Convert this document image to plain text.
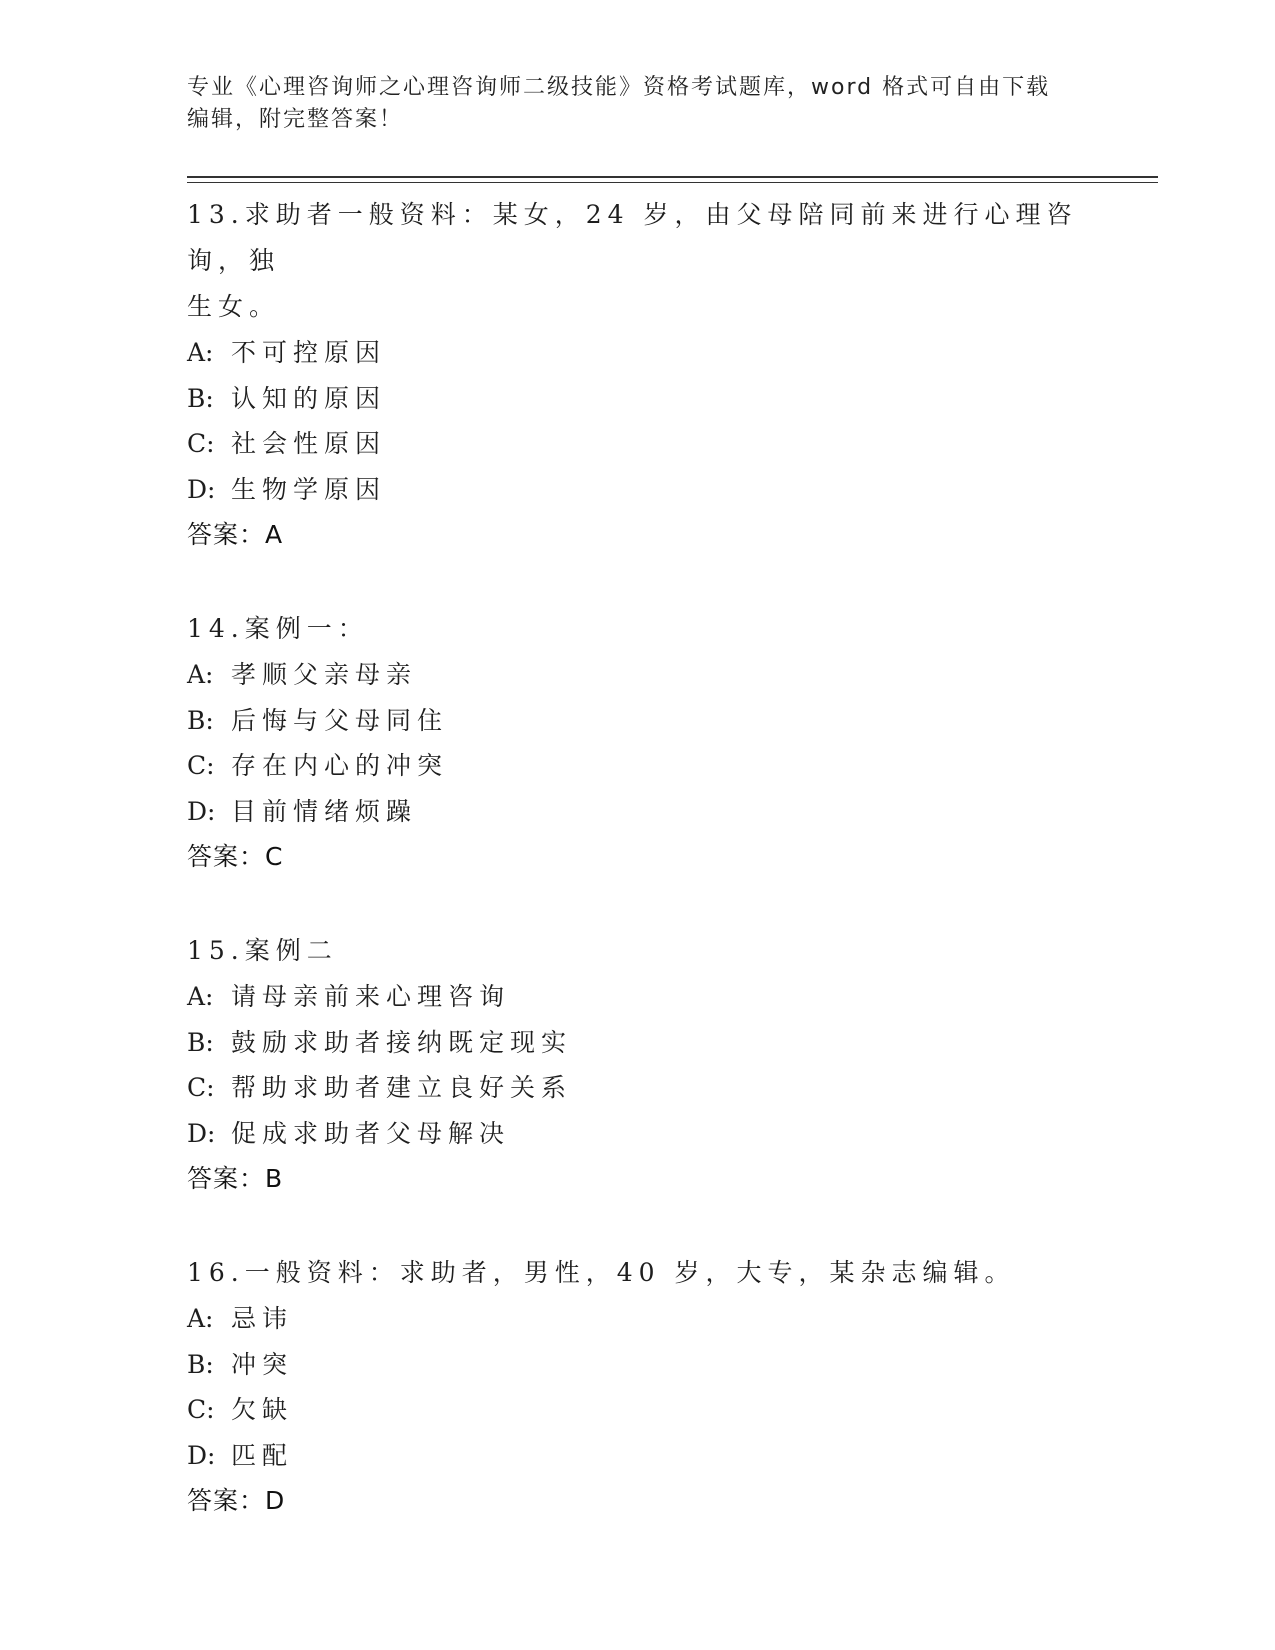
专业《心理咨询师之心理咨询师二级技能》资格考试题库，word 格式可自由下载
编辑，附完整答案！
13.求助者一般资料：某女，24 岁，由父母陪同前来进行心理咨询，独
生女。
A: 不可控原因
B: 认知的原因
C: 社会性原因
D: 生物学原因
答案：A
14.案例一：
A: 孝顺父亲母亲
B: 后悔与父母同住
C: 存在内心的冲突
D: 目前情绪烦躁
答案：C
15.案例二
A: 请母亲前来心理咨询
B: 鼓励求助者接纳既定现实
C: 帮助求助者建立良好关系
D: 促成求助者父母解决
答案：B
16.一般资料：求助者，男性，40 岁，大专，某杂志编辑。
A: 忌讳
B: 冲突
C: 欠缺
D: 匹配
答案：D
